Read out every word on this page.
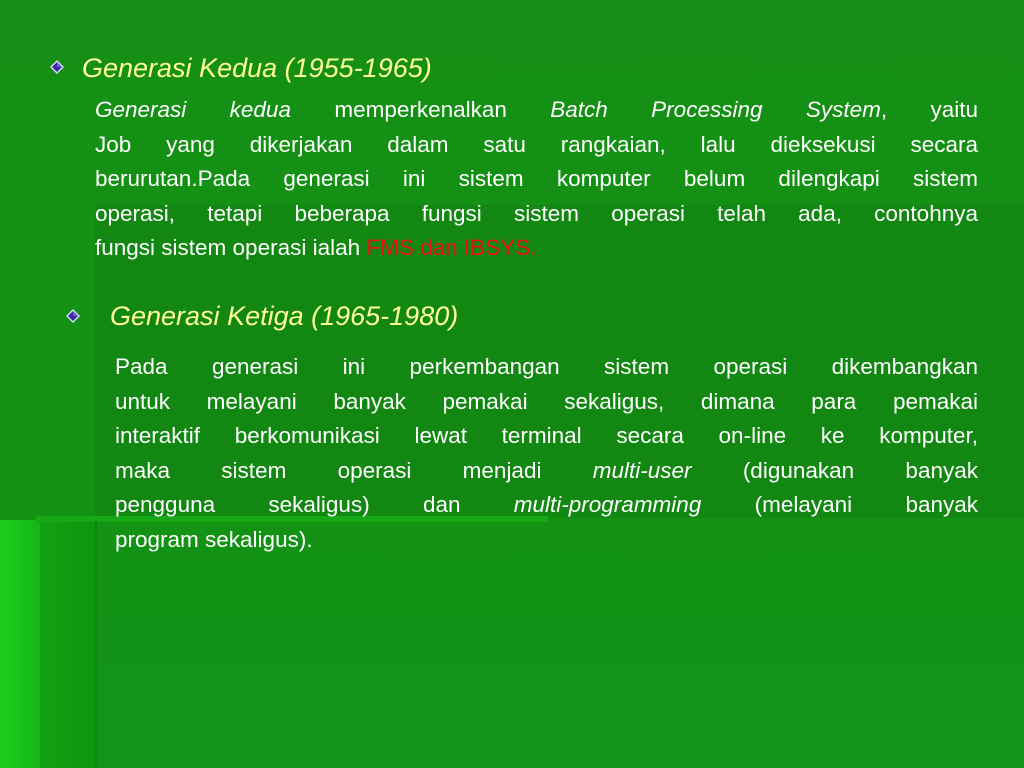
Generasi Kedua (1955-1965)
Generasi kedua memperkenalkan Batch Processing System, yaitu
Job yang dikerjakan dalam satu rangkaian, lalu dieksekusi secara
berurutan.Pada generasi ini sistem komputer belum dilengkapi sistem
operasi, tetapi beberapa fungsi sistem operasi telah ada, contohnya
fungsi sistem operasi ialah FMS dan IBSYS.
Generasi Ketiga (1965-1980)
Pada generasi ini perkembangan sistem operasi dikembangkan
untuk melayani banyak pemakai sekaligus, dimana para pemakai
interaktif berkomunikasi lewat terminal secara on-line ke komputer,
maka sistem operasi menjadi multi-user (digunakan banyak
pengguna sekaligus) dan multi-programming (melayani banyak
program sekaligus).
